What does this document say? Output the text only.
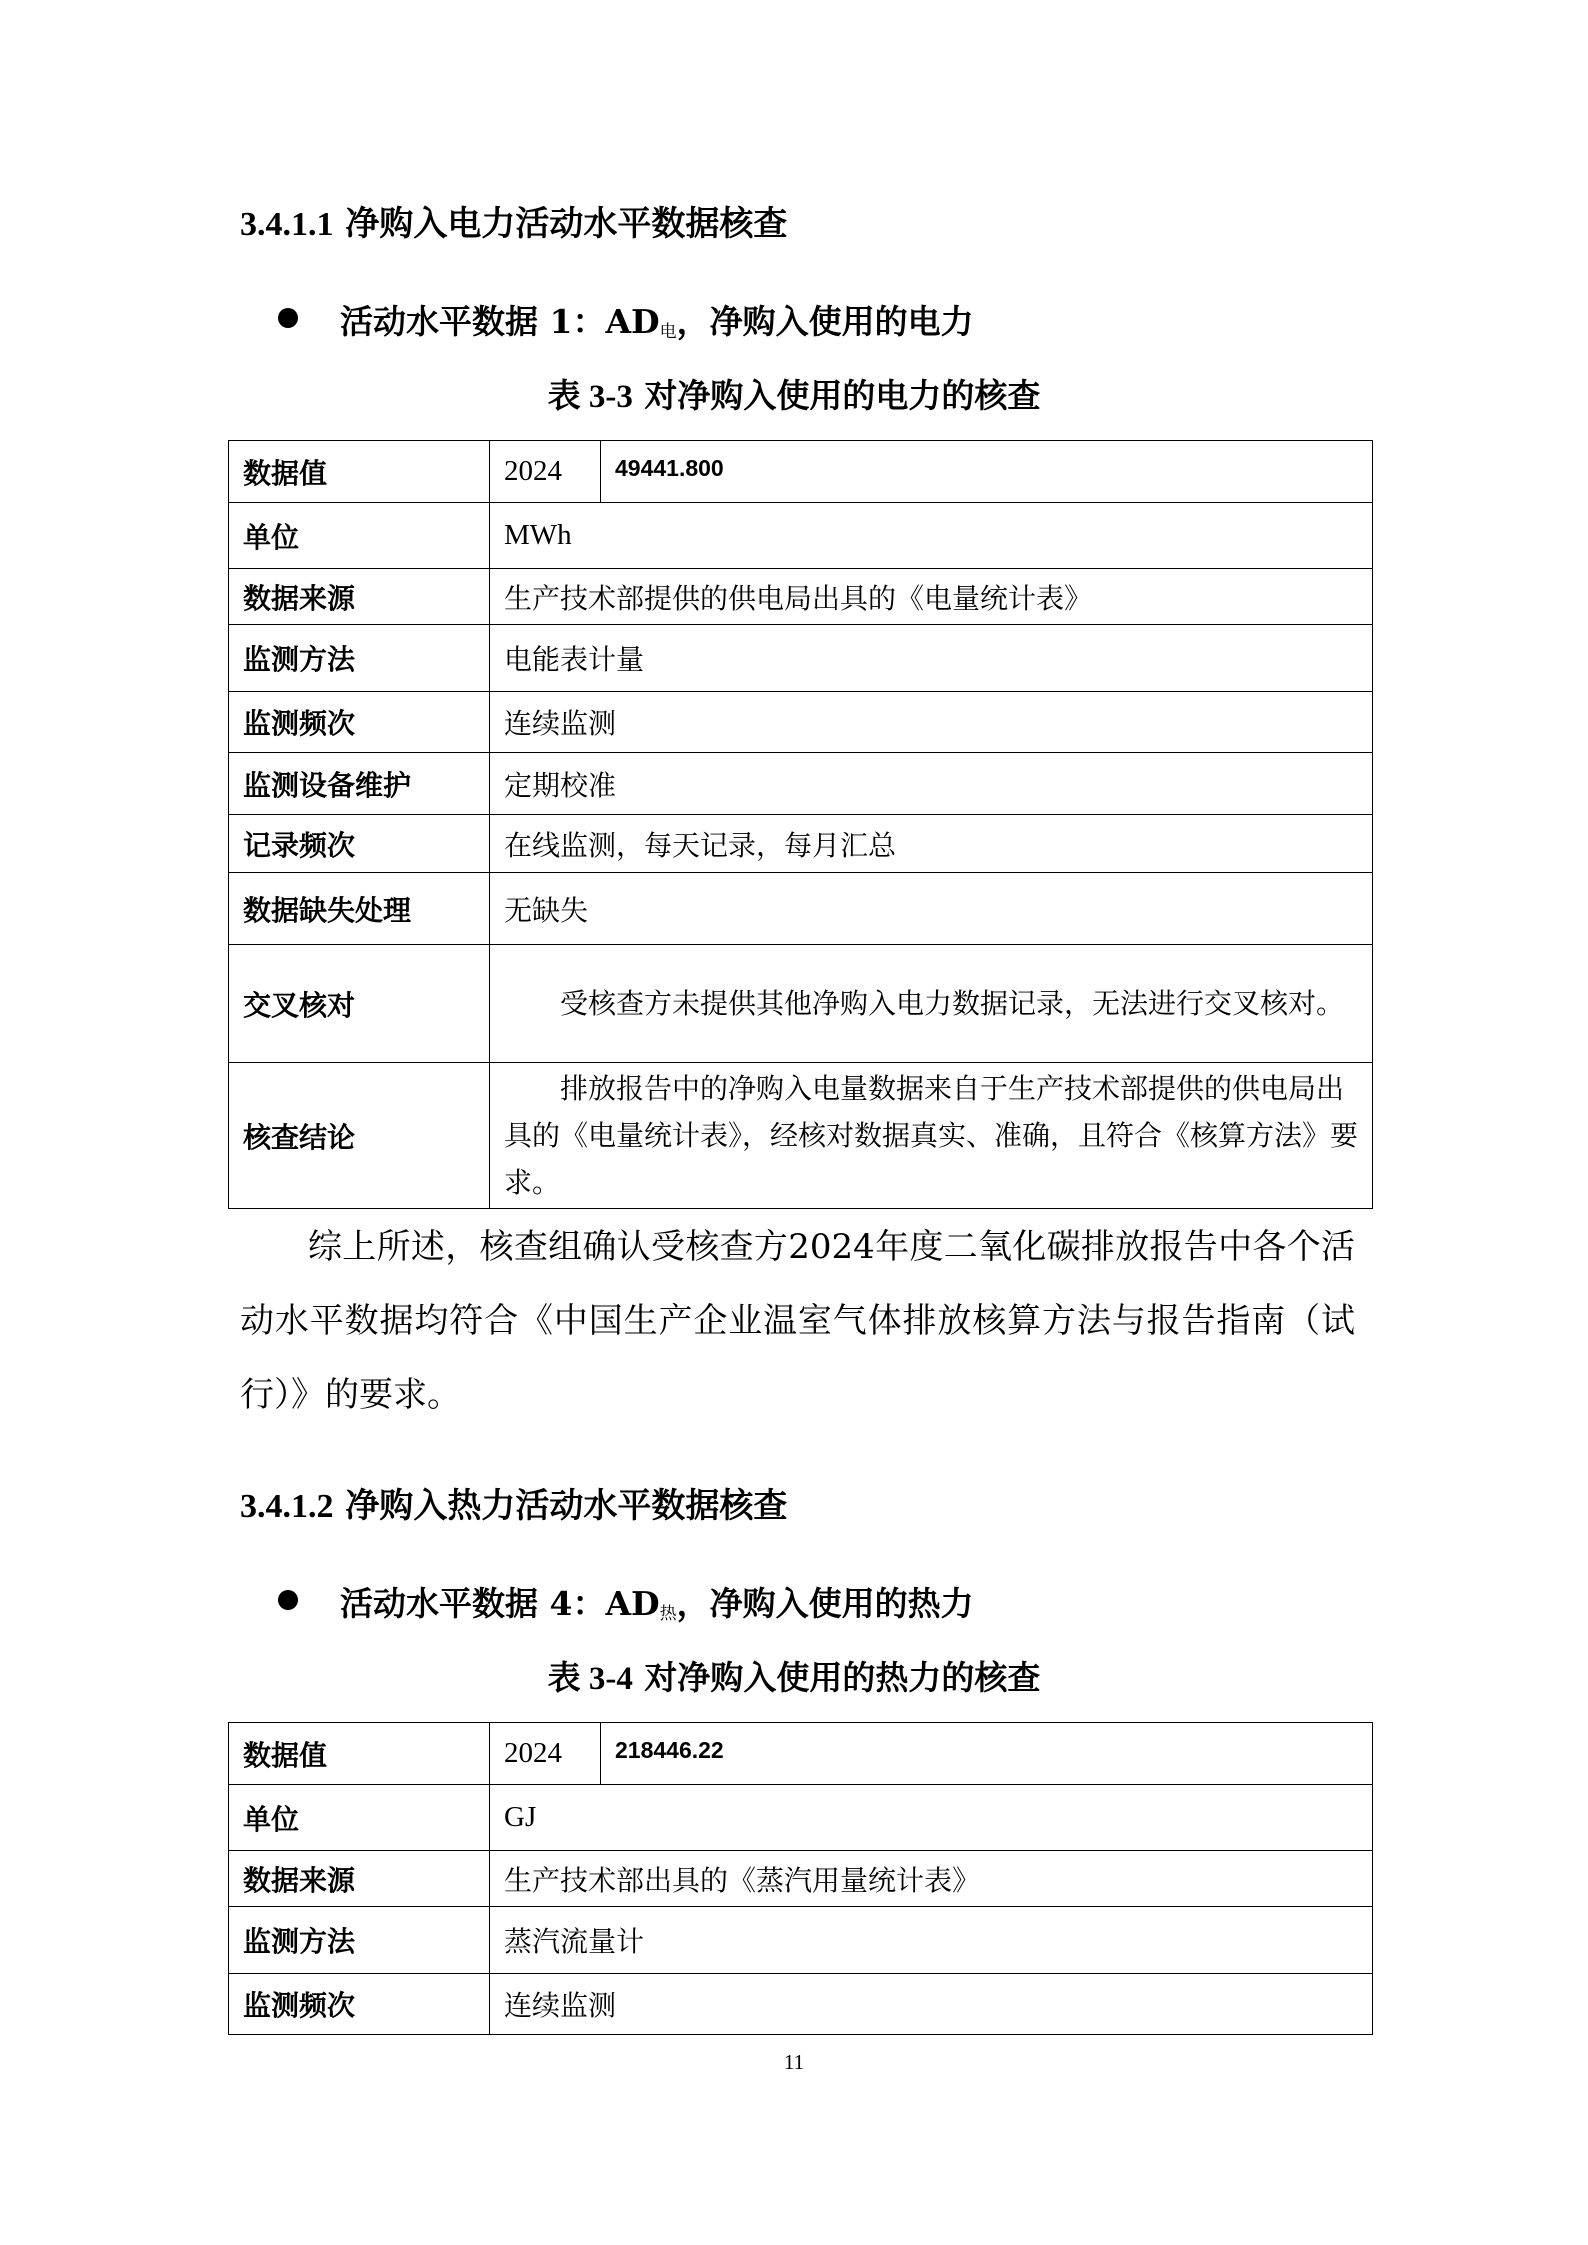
3.4.1.1 净购入电力活动水平数据核查
活动水平数据 1：$AD_电$，净购入使用的电力
表 3-3 对净购入使用的电力的核查
数据值	2024	49441.800
单位	MWh	
数据来源	生产技术部提供的供电局出具的《电量统计表》	
监测方法	电能表计量	
监测频次	连续监测	
监测设备维护	定期校准	
记录频次	在线监测，每天记录，每月汇总	
数据缺失处理	无缺失	
交叉核对	受核查方未提供其他净购入电力数据记录，无法进行交叉核对。	
核查结论	排放报告中的净购入电量数据来自于生产技术部提供的供电局出具的《电量统计表》，经核对数据真实、准确，且符合《核算方法》要求。	
综上所述，核查组确认受核查方2024年度二氧化碳排放报告中各个活动水平数据均符合《中国生产企业温室气体排放核算方法与报告指南（试行）》的要求。
3.4.1.2 净购入热力活动水平数据核查
活动水平数据 4：$AD_热$，净购入使用的热力
表 3-4 对净购入使用的热力的核查
数据值	2024	218446.22
单位	GJ	
数据来源	生产技术部出具的《蒸汽用量统计表》	
监测方法	蒸汽流量计	
监测频次	连续监测	
11
